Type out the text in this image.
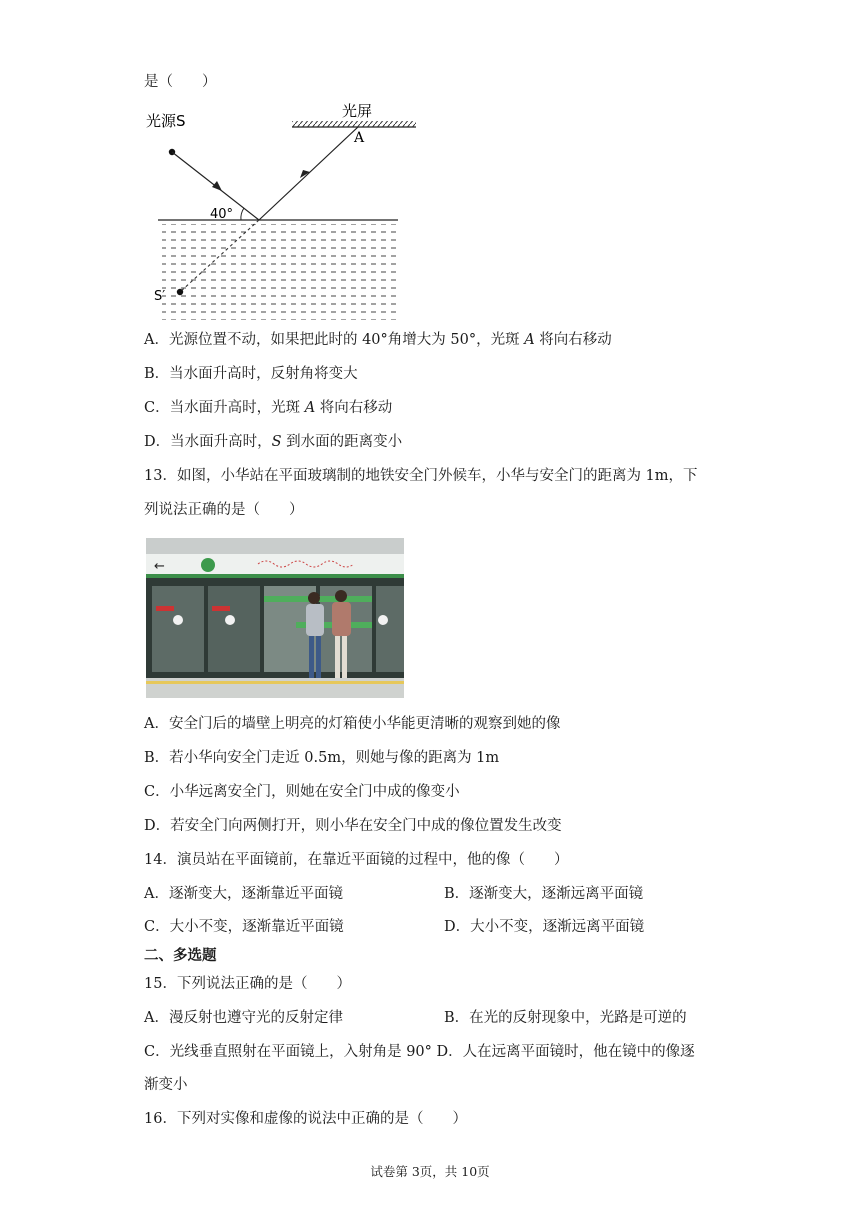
是（　　）
光源S
光屏
A
40°
S′
A．光源位置不动，如果把此时的 40°角增大为 50°，光斑 A 将向右移动
B．当水面升高时，反射角将变大
C．当水面升高时，光斑 A 将向右移动
D．当水面升高时，S 到水面的距离变小
13．如图，小华站在平面玻璃制的地铁安全门外候车，小华与安全门的距离为 1m，下
列说法正确的是（　　）
←
A．安全门后的墙壁上明亮的灯箱使小华能更清晰的观察到她的像
B．若小华向安全门走近 0.5m，则她与像的距离为 1m
C．小华远离安全门，则她在安全门中成的像变小
D．若安全门向两侧打开，则小华在安全门中成的像位置发生改变
14．演员站在平面镜前，在靠近平面镜的过程中，他的像（　　）
A．逐渐变大，逐渐靠近平面镜	B．逐渐变大，逐渐远离平面镜
C．大小不变，逐渐靠近平面镜	D．大小不变，逐渐远离平面镜
二、多选题
15．下列说法正确的是（　　）
A．漫反射也遵守光的反射定律	B．在光的反射现象中，光路是可逆的
C．光线垂直照射在平面镜上，入射角是 90° D．人在远离平面镜时，他在镜中的像逐
渐变小
16．下列对实像和虚像的说法中正确的是（　　）
试卷第 3页，共 10页
